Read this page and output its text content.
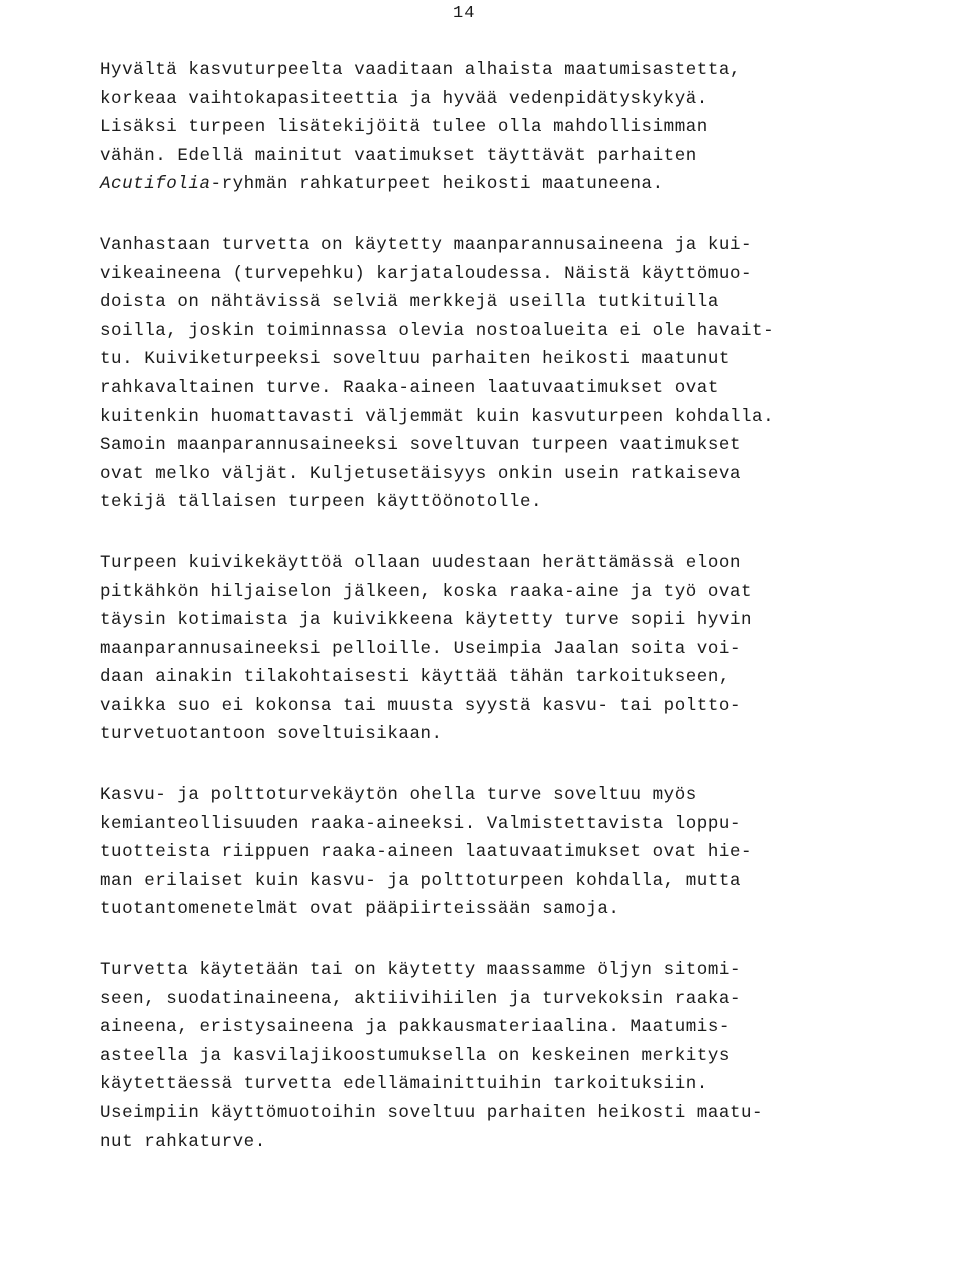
14
Hyvältä kasvuturpeelta vaaditaan alhaista maatumisastetta,
korkeaa vaihtokapasiteettia ja hyvää vedenpidätyskykyä.
Lisäksi turpeen lisätekijöitä tulee olla mahdollisimman
vähän. Edellä mainitut vaatimukset täyttävät parhaiten
Acutifolia-ryhmän rahkaturpeet heikosti maatuneena.
Vanhastaan turvetta on käytetty maanparannusaineena ja kui-
vikeaineena (turvepehku) karjataloudessa. Näistä käyttömuo-
doista on nähtävissä selviä merkkejä useilla tutkituilla
soilla, joskin toiminnassa olevia nostoalueita ei ole havait-
tu. Kuiviketurpeeksi soveltuu parhaiten heikosti maatunut
rahkavaltainen turve. Raaka-aineen laatuvaatimukset ovat
kuitenkin huomattavasti väljemmät kuin kasvuturpeen kohdalla.
Samoin maanparannusaineeksi soveltuvan turpeen vaatimukset
ovat melko väljät. Kuljetusetäisyys onkin usein ratkaiseva
tekijä tällaisen turpeen käyttöönotolle.
Turpeen kuivikekäyttöä ollaan uudestaan herättämässä eloon
pitkähkön hiljaiselon jälkeen, koska raaka-aine ja työ ovat
täysin kotimaista ja kuivikkeena käytetty turve sopii hyvin
maanparannusaineeksi pelloille. Useimpia Jaalan soita voi-
daan ainakin tilakohtaisesti käyttää tähän tarkoitukseen,
vaikka suo ei kokonsa tai muusta syystä kasvu- tai poltto-
turvetuotantoon soveltuisikaan.
Kasvu- ja polttoturvekäytön ohella turve soveltuu myös
kemianteollisuuden raaka-aineeksi. Valmistettavista loppu-
tuotteista riippuen raaka-aineen laatuvaatimukset ovat hie-
man erilaiset kuin kasvu- ja polttoturpeen kohdalla, mutta
tuotantomenetelmät ovat pääpiirteissään samoja.
Turvetta käytetään tai on käytetty maassamme öljyn sitomi-
seen, suodatinaineena, aktiivihiilen ja turvekoksin raaka-
aineena, eristysaineena ja pakkausmateriaalina. Maatumis-
asteella ja kasvilajikoostumuksella on keskeinen merkitys
käytettäessä turvetta edellämainittuihin tarkoituksiin.
Useimpiin käyttömuotoihin soveltuu parhaiten heikosti maatu-
nut rahkaturve.
